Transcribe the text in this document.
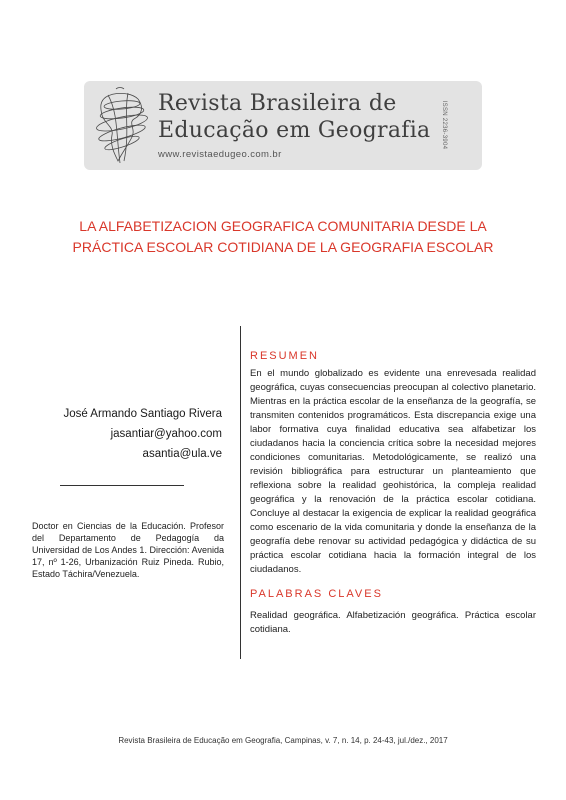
Revista Brasileira de
Educação em Geografia
www.revistaedugeo.com.br
ISSN 2236-3904
LA ALFABETIZACION GEOGRAFICA COMUNITARIA DESDE LA PRÁCTICA ESCOLAR COTIDIANA DE LA GEOGRAFIA ESCOLAR
José Armando Santiago Rivera
jasantiar@yahoo.com
asantia@ula.ve
Doctor en Ciencias de la Educación. Profesor del Departamento de Pedagogía da Universidad de Los Andes 1. Dirección: Avenida 17, nº 1-26, Urbanización Ruiz Pineda. Rubio, Estado Táchira/Venezuela.
RESUMEN
En el mundo globalizado es evidente una enrevesada realidad geográfica, cuyas consecuencias preocupan al colectivo planetario. Mientras en la práctica escolar de la enseñanza de la geografía, se transmiten contenidos programáticos. Esta discrepancia exige una labor formativa cuya finalidad educativa sea alfabetizar los ciudadanos hacia la conciencia crítica sobre la necesidad mejores condiciones comunitarias. Metodológicamente, se realizó una revisión bibliográfica para estructurar un planteamiento que reflexiona sobre la realidad geohistórica, la compleja realidad geográfica y la renovación de la práctica escolar cotidiana. Concluye al destacar la exigencia de explicar la realidad geográfica como escenario de la vida comunitaria y donde la enseñanza de la geografía debe renovar su actividad pedagógica y didáctica de su práctica escolar cotidiana hacia la formación integral de los ciudadanos.
PALABRAS CLAVES
Realidad geográfica. Alfabetización geográfica. Práctica escolar cotidiana.
Revista Brasileira de Educação em Geografia, Campinas, v. 7, n. 14, p. 24-43, jul./dez., 2017
